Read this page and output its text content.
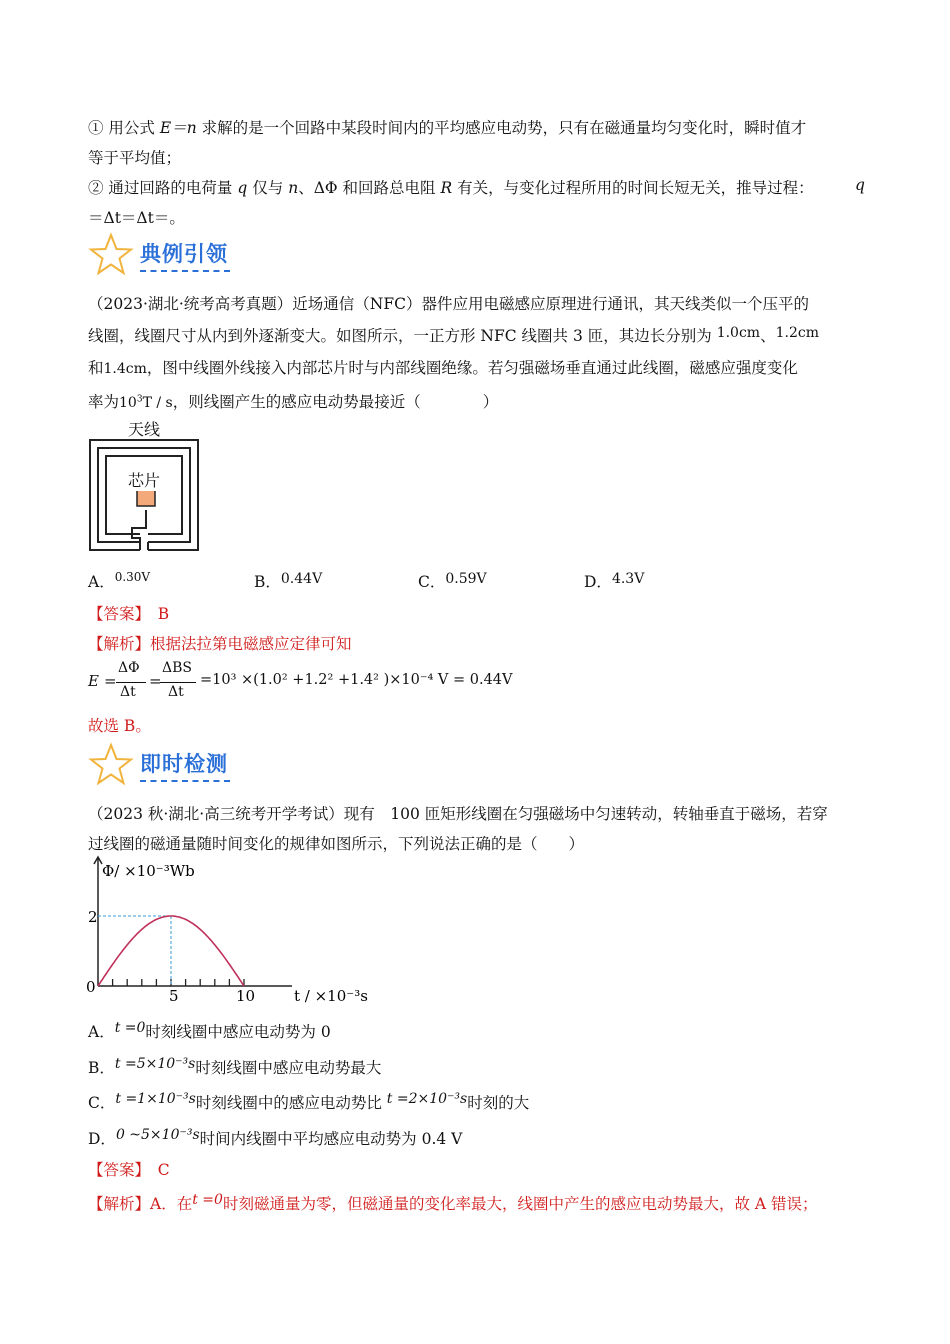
① 用公式 E＝n 求解的是一个回路中某段时间内的平均感应电动势，只有在磁通量均匀变化时，瞬时值才
等于平均值；
② 通过回路的电荷量 q 仅与 n、ΔΦ 和回路总电阻 R 有关，与变化过程所用的时间长短无关，推导过程：	q
＝Δt＝Δt＝。
典例引领
（2023·湖北·统考高考真题）近场通信（NFC）器件应用电磁感应原理进行通讯，其天线类似一个压平的
线圈，线圈尺寸从内到外逐渐变大。如图所示，一正方形 NFC 线圈共 3 匝，其边长分别为 1.0cm、1.2cm
和1.4cm，图中线圈外线接入内部芯片时与内部线圈绝缘。若匀强磁场垂直通过此线圈，磁感应强度变化
率为$10^3T$ / s，则线圈产生的感应电动势最接近（　　　　）
天线
芯片
A．$^{0.30V}$	B．0.44V	C．0.59V	D．4.3V
【答案】　 B
【解析】根据法拉第电磁感应定律可知
E =
ΔΦ
Δt
=
ΔBS
Δt
=10³ ×(1.0² +1.2² +1.4² )×10⁻⁴ V = 0.44V
故选 B。
即时检测
（2023 秋·湖北·高三统考开学考试）现有　100 匝矩形线圈在匀强磁场中匀速转动，转轴垂直于磁场，若穿
过线圈的磁通量随时间变化的规律如图所示，下列说法正确的是（　　）
Φ/ ×10⁻³Wb
2
0	5	10	t / ×10⁻³s
A．t =0时刻线圈中感应电动势为 0
B．t =5×10⁻³s时刻线圈中感应电动势最大
C．t =1×10⁻³s时刻线圈中的感应电动势比 t =2×10⁻³s时刻的大
D．0 ~5×10⁻³s时间内线圈中平均感应电动势为 0.4 V
【答案】　 C
【解析】A．在t =0时刻磁通量为零，但磁通量的变化率最大，线圈中产生的感应电动势最大，故 A 错误；
